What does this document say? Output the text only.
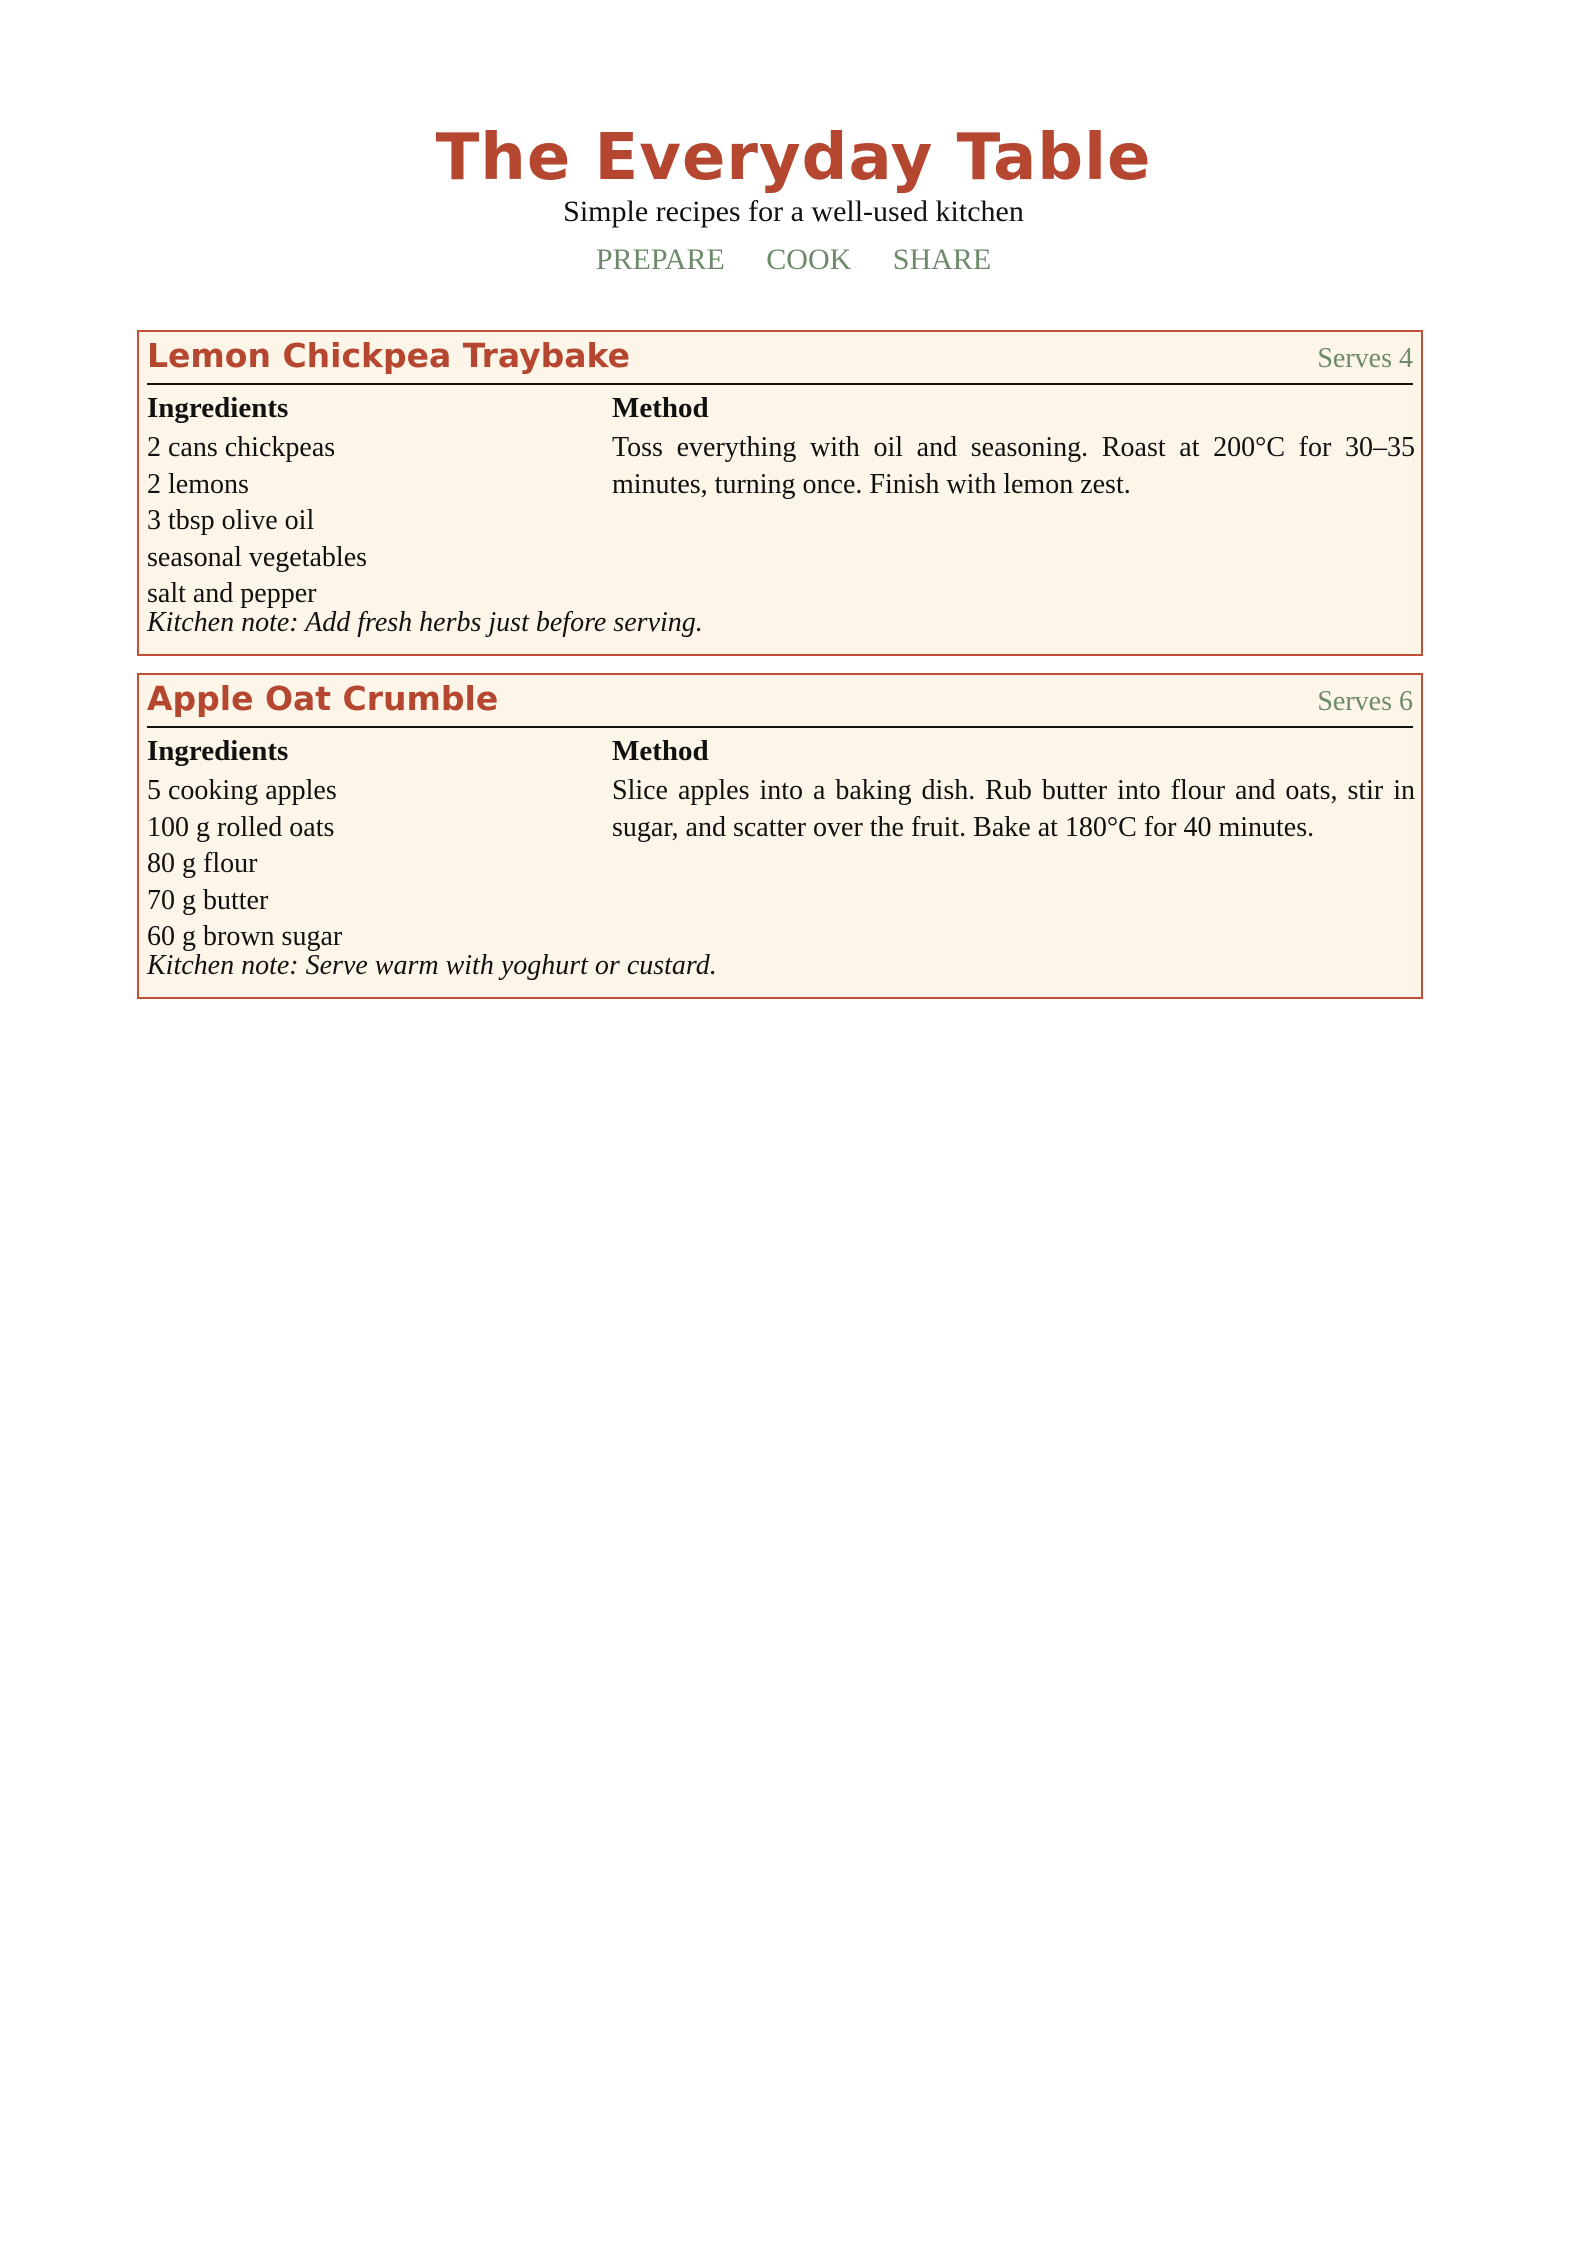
The Everyday Table
Simple recipes for a well-used kitchen
PREPARE COOK SHARE
Lemon Chickpea Traybake	Serves 4
Ingredients
2 cans chickpeas
2 lemons
3 tbsp olive oil
seasonal vegetables
salt and pepper
Method

Toss everything with oil and seasoning. Roast at 200°C for 30–35 minutes, turning once. Finish with lemon zest.

Kitchen note: Add fresh herbs just before serving.
Apple Oat Crumble	Serves 6
Ingredients
5 cooking apples
100 g rolled oats
80 g flour
70 g butter
60 g brown sugar
Method

Slice apples into a baking dish. Rub butter into flour and oats, stir in sugar, and scatter over the fruit. Bake at 180°C for 40 minutes.

Kitchen note: Serve warm with yoghurt or custard.
